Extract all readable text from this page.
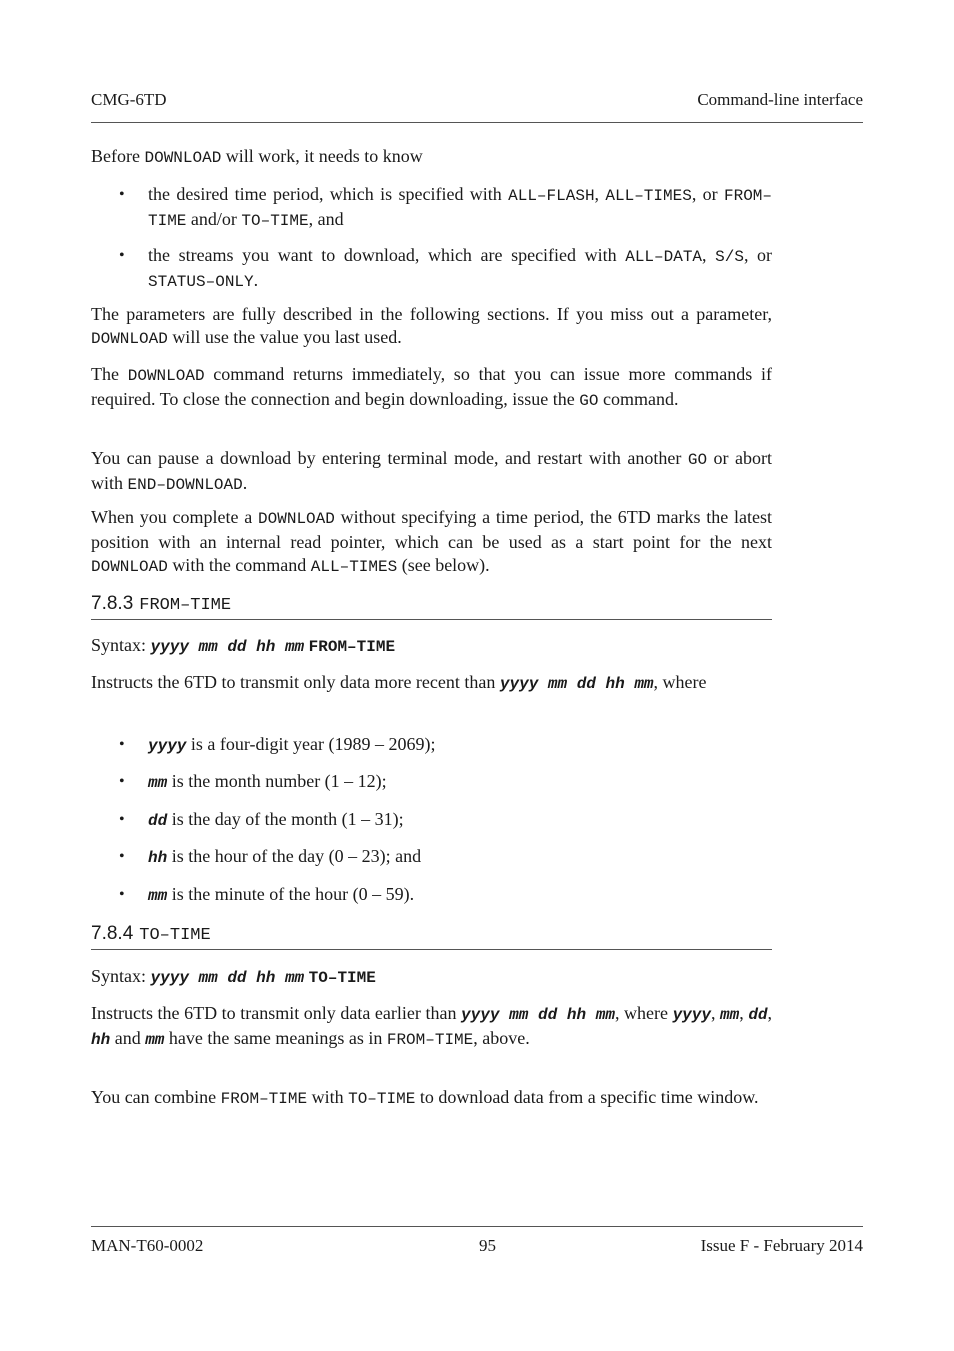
CMG-6TD	Command-line interface

Before DOWNLOAD will work, it needs to know

• the desired time period, which is specified with ALL–FLASH, ALL–TIMES, or FROM–TIME and/or TO–TIME, and

• the streams you want to download, which are specified with ALL–DATA, S/S, or STATUS–ONLY.

The parameters are fully described in the following sections. If you miss out a parameter, DOWNLOAD will use the value you last used.

The DOWNLOAD command returns immediately, so that you can issue more commands if required. To close the connection and begin downloading, issue the GO command.

You can pause a download by entering terminal mode, and restart with another GO or abort with END–DOWNLOAD.

When you complete a DOWNLOAD without specifying a time period, the 6TD marks the latest position with an internal read pointer, which can be used as a start point for the next DOWNLOAD with the command ALL–TIMES (see below).

7.8.3 FROM–TIME

Syntax: yyyy mm dd hh mm FROM–TIME

Instructs the 6TD to transmit only data more recent than yyyy mm dd hh mm, where

• yyyy is a four-digit year (1989 – 2069);

• mm is the month number (1 – 12);

• dd is the day of the month (1 – 31);

• hh is the hour of the day (0 – 23); and

• mm is the minute of the hour (0 – 59).

7.8.4 TO–TIME

Syntax: yyyy mm dd hh mm TO–TIME

Instructs the 6TD to transmit only data earlier than yyyy mm dd hh mm, where yyyy, mm, dd, hh and mm have the same meanings as in FROM–TIME, above.

You can combine FROM–TIME with TO–TIME to download data from a specific time window.

MAN-T60-0002	95	Issue F - February 2014
